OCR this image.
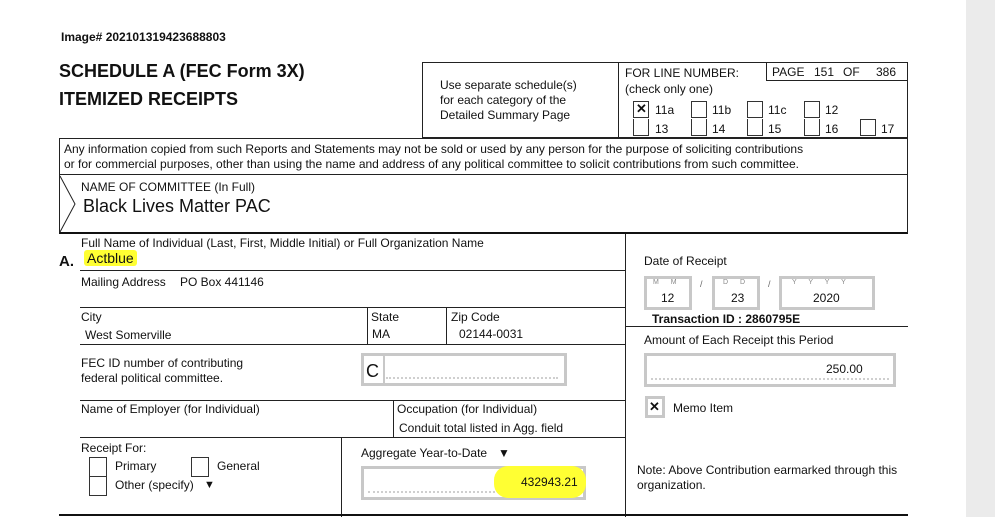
Image# 202101319423688803
SCHEDULE A (FEC Form 3X)
ITEMIZED RECEIPTS
Use separate schedule(s)
for each category of the
Detailed Summary Page
FOR LINE NUMBER:
(check only one)
PAGE 151 OF 386
✕ 11a	11b	11c	12
13	14	15	16	17
Any information copied from such Reports and Statements may not be sold or used by any person for the purpose of soliciting contributions
or for commercial purposes, other than using the name and address of any political committee to solicit contributions from such committee.
NAME OF COMMITTEE (In Full)
Black Lives Matter PAC
Full Name of Individual (Last, First, Middle Initial) or Full Organization Name
A. Actblue
Mailing Address PO Box 441146
City
West Somerville
State
MA
Zip Code
02144-0031
FEC ID number of contributing
federal political committee.	C
Name of Employer (for Individual)	Occupation (for Individual)
Conduit total listed in Agg. field
Receipt For:
Primary	General
Other (specify) ▼
Aggregate Year-to-Date ▼
432943.21
Date of Receipt
M M
12
/	D D
23
/	Y Y Y Y
2020
Transaction ID : 2860795E
Amount of Each Receipt this Period
250.00
✕ Memo Item
Note: Above Contribution earmarked through this
organization.
